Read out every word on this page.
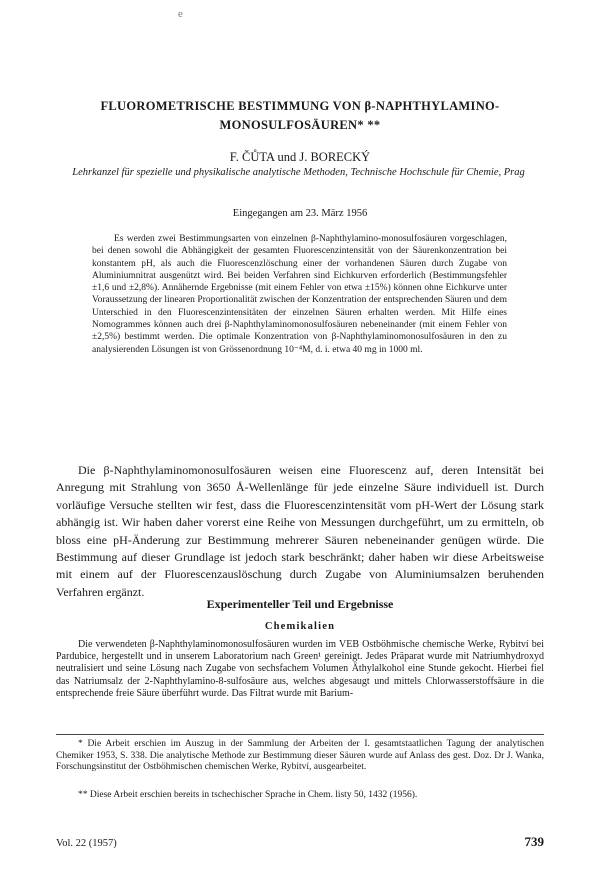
e
FLUOROMETRISCHE BESTIMMUNG VON β-NAPHTHYLAMINO-MONOSULFOSÄUREN* **
F. ČŮTA und J. BORECKÝ

Lehrkanzel für spezielle und physikalische analytische Methoden, Technische Hochschule für Chemie, Prag

Eingegangen am 23. März 1956

Es werden zwei Bestimmungsarten von einzelnen β-Naphthylamino-monosulfosäuren vorgeschlagen, bei denen sowohl die Abhängigkeit der gesamten Fluorescenzintensität von der Säurenkonzentration bei konstantem pH, als auch die Fluorescenzlöschung einer der vorhandenen Säuren durch Zugabe von Aluminiumnitrat ausgenützt wird. Bei beiden Verfahren sind Eichkurven erforderlich (Bestimmungsfehler ±1,6 und ±2,8%). Annähernde Ergebnisse (mit einem Fehler von etwa ±15%) können ohne Eichkurve unter Voraussetzung der linearen Proportionalität zwischen der Konzentration der entsprechenden Säuren und dem Unterschied in den Fluorescenzintensitäten der einzelnen Säuren erhalten werden. Mit Hilfe eines Nomogrammes können auch drei β-Naphthylaminomonosulfosäuren nebeneinander (mit einem Fehler von ±2,5%) bestimmt werden. Die optimale Konzentration von β-Naphthylaminomonosulfosäuren in den zu analysierenden Lösungen ist von Grössenordnung 10⁻⁴M, d. i. etwa 40 mg in 1000 ml.

Die β-Naphthylaminomonosulfosäuren weisen eine Fluorescenz auf, deren Intensität bei Anregung mit Strahlung von 3650 Å-Wellenlänge für jede einzelne Säure individuell ist. Durch vorläufige Versuche stellten wir fest, dass die Fluorescenzintensität vom pH-Wert der Lösung stark abhängig ist. Wir haben daher vorerst eine Reihe von Messungen durchgeführt, um zu ermitteln, ob bloss eine pH-Änderung zur Bestimmung mehrerer Säuren nebeneinander genügen würde. Die Bestimmung auf dieser Grundlage ist jedoch stark beschränkt; daher haben wir diese Arbeitsweise mit einem auf der Fluorescenzauslöschung durch Zugabe von Aluminiumsalzen beruhenden Verfahren ergänzt.

Experimenteller Teil und Ergebnisse
Chemikalien

Die verwendeten β-Naphthylaminomonosulfosäuren wurden im VEB Ostböhmische chemische Werke, Rybitví bei Pardubice, hergestellt und in unserem Laboratorium nach Green¹ gereinigt. Jedes Präparat wurde mit Natriumhydroxyd neutralisiert und seine Lösung nach Zugabe von sechsfachem Volumen Äthylalkohol eine Stunde gekocht. Hierbei fiel das Natriumsalz der 2-Naphthylamino-8-sulfosäure aus, welches abgesaugt und mittels Chlorwasserstoffsäure in die entsprechende freie Säure überführt wurde. Das Filtrat wurde mit Barium-

* Die Arbeit erschien im Auszug in der Sammlung der Arbeiten der I. gesamtstaatlichen Tagung der analytischen Chemiker 1953, S. 338. Die analytische Methode zur Bestimmung dieser Säuren wurde auf Anlass des gest. Doz. Dr J. Wanka, Forschungsinstitut der Ostböhmischen chemischen Werke, Rybitví, ausgearbeitet.

** Diese Arbeit erschien bereits in tschechischer Sprache in Chem. listy 50, 1432 (1956).

Vol. 22 (1957)	739
